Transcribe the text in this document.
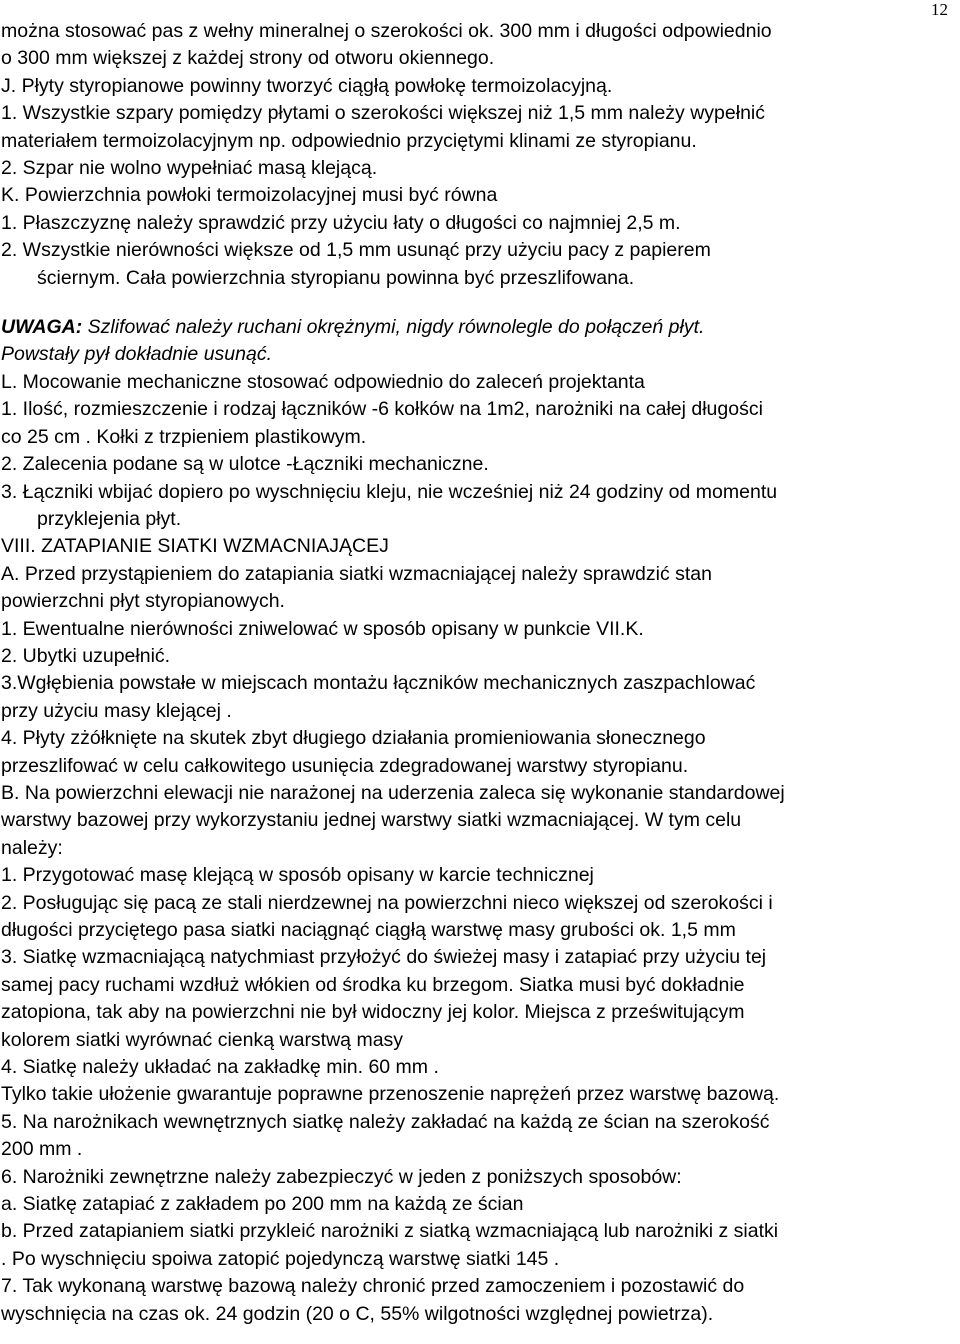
12

można stosować pas z wełny mineralnej o szerokości ok. 300 mm i długości odpowiednio

o 300 mm większej z każdej strony od otworu okiennego.

J. Płyty styropianowe powinny tworzyć ciągłą powłokę termoizolacyjną.

1. Wszystkie szpary pomiędzy płytami o szerokości większej niż 1,5 mm należy wypełnić

materiałem termoizolacyjnym np. odpowiednio przyciętymi klinami ze styropianu.

2. Szpar nie wolno wypełniać masą klejącą.

K. Powierzchnia powłoki termoizolacyjnej musi być równa

1. Płaszczyznę należy sprawdzić przy użyciu łaty o długości co najmniej 2,5 m.

2. Wszystkie nierówności większe od 1,5 mm usunąć przy użyciu pacy z papierem

ściernym. Cała powierzchnia styropianu powinna być przeszlifowana.

UWAGA: Szlifować należy ruchani okrężnymi, nigdy równolegle do połączeń płyt.

Powstały pył dokładnie usunąć.

L. Mocowanie mechaniczne stosować odpowiednio do zaleceń projektanta

1. Ilość, rozmieszczenie i rodzaj łączników -6 kołków na 1m2, narożniki na całej długości

co 25 cm . Kołki z trzpieniem plastikowym.

2. Zalecenia podane są w ulotce -Łączniki mechaniczne.

3. Łączniki wbijać dopiero po wyschnięciu kleju, nie wcześniej niż 24 godziny od momentu

przyklejenia płyt.

VIII. ZATAPIANIE SIATKI WZMACNIAJĄCEJ

A. Przed przystąpieniem do zatapiania siatki wzmacniającej należy sprawdzić stan

powierzchni płyt styropianowych.

1. Ewentualne nierówności zniwelować w sposób opisany w punkcie VII.K.

2. Ubytki uzupełnić.

3.Wgłębienia powstałe w miejscach montażu łączników mechanicznych zaszpachlować

przy użyciu masy klejącej .

4. Płyty zżółknięte na skutek zbyt długiego działania promieniowania słonecznego

przeszlifować w celu całkowitego usunięcia zdegradowanej warstwy styropianu.

B. Na powierzchni elewacji nie narażonej na uderzenia zaleca się wykonanie standardowej

warstwy bazowej przy wykorzystaniu jednej warstwy siatki wzmacniającej. W tym celu

należy:

1. Przygotować masę klejącą w sposób opisany w karcie technicznej

2. Posługując się pacą ze stali nierdzewnej na powierzchni nieco większej od szerokości i

długości przyciętego pasa siatki naciągnąć ciągłą warstwę masy grubości ok. 1,5 mm

3. Siatkę wzmacniającą natychmiast przyłożyć do świeżej masy i zatapiać przy użyciu tej

samej pacy ruchami wzdłuż włókien od środka ku brzegom. Siatka musi być dokładnie

zatopiona, tak aby na powierzchni nie był widoczny jej kolor. Miejsca z prześwitującym

kolorem siatki wyrównać cienką warstwą masy

4. Siatkę należy układać na zakładkę min. 60 mm .

Tylko takie ułożenie gwarantuje poprawne przenoszenie naprężeń przez warstwę bazową.

5. Na narożnikach wewnętrznych siatkę należy zakładać na każdą ze ścian na szerokość

200 mm .

6. Narożniki zewnętrzne należy zabezpieczyć w jeden z poniższych sposobów:

a. Siatkę zatapiać z zakładem po 200 mm na każdą ze ścian

b. Przed zatapianiem siatki przykleić narożniki z siatką wzmacniającą lub narożniki z siatki

. Po wyschnięciu spoiwa zatopić pojedynczą warstwę siatki 145 .

7. Tak wykonaną warstwę bazową należy chronić przed zamoczeniem i pozostawić do

wyschnięcia na czas ok. 24 godzin (20 o C, 55% wilgotności względnej powietrza).
